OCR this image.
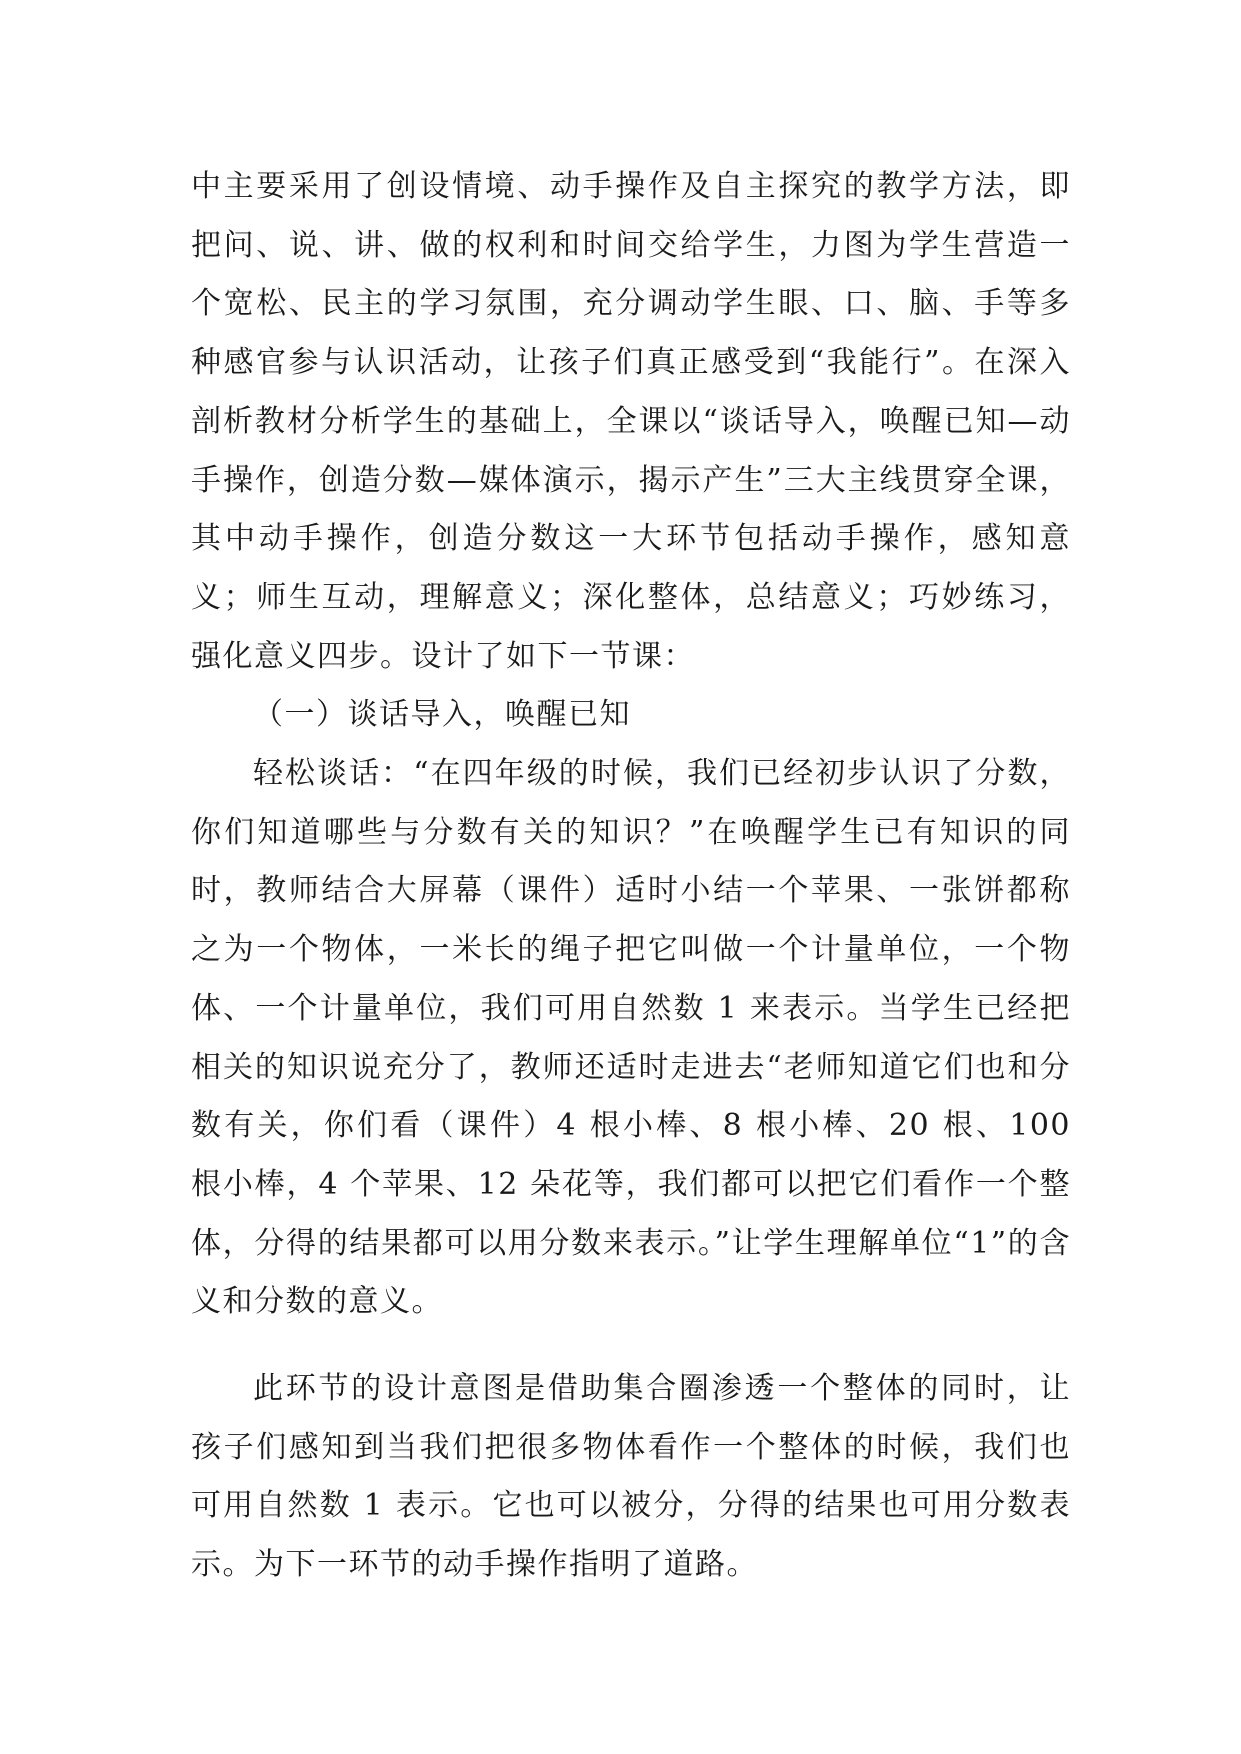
中主要采用了创设情境、动手操作及自主探究的教学方法，即把问、说、讲、做的权利和时间交给学生，力图为学生营造一个宽松、民主的学习氛围，充分调动学生眼、口、脑、手等多种感官参与认识活动，让孩子们真正感受到“我能行”。在深入剖析教材分析学生的基础上，全课以“谈话导入，唤醒已知—动手操作，创造分数—媒体演示，揭示产生”三大主线贯穿全课，其中动手操作，创造分数这一大环节包括动手操作，感知意义；师生互动，理解意义；深化整体，总结意义；巧妙练习，强化意义四步。设计了如下一节课：

（一）谈话导入，唤醒已知

轻松谈话：“在四年级的时候，我们已经初步认识了分数，你们知道哪些与分数有关的知识？”在唤醒学生已有知识的同时，教师结合大屏幕（课件）适时小结一个苹果、一张饼都称之为一个物体，一米长的绳子把它叫做一个计量单位，一个物体、一个计量单位，我们可用自然数 1 来表示。当学生已经把相关的知识说充分了，教师还适时走进去“老师知道它们也和分数有关，你们看（课件）4 根小棒、8 根小棒、20 根、100 根小棒，4 个苹果、12 朵花等，我们都可以把它们看作一个整体，分得的结果都可以用分数来表示。”让学生理解单位“1”的含义和分数的意义。

此环节的设计意图是借助集合圈渗透一个整体的同时，让孩子们感知到当我们把很多物体看作一个整体的时候，我们也可用自然数 1 表示。它也可以被分，分得的结果也可用分数表示。为下一环节的动手操作指明了道路。
